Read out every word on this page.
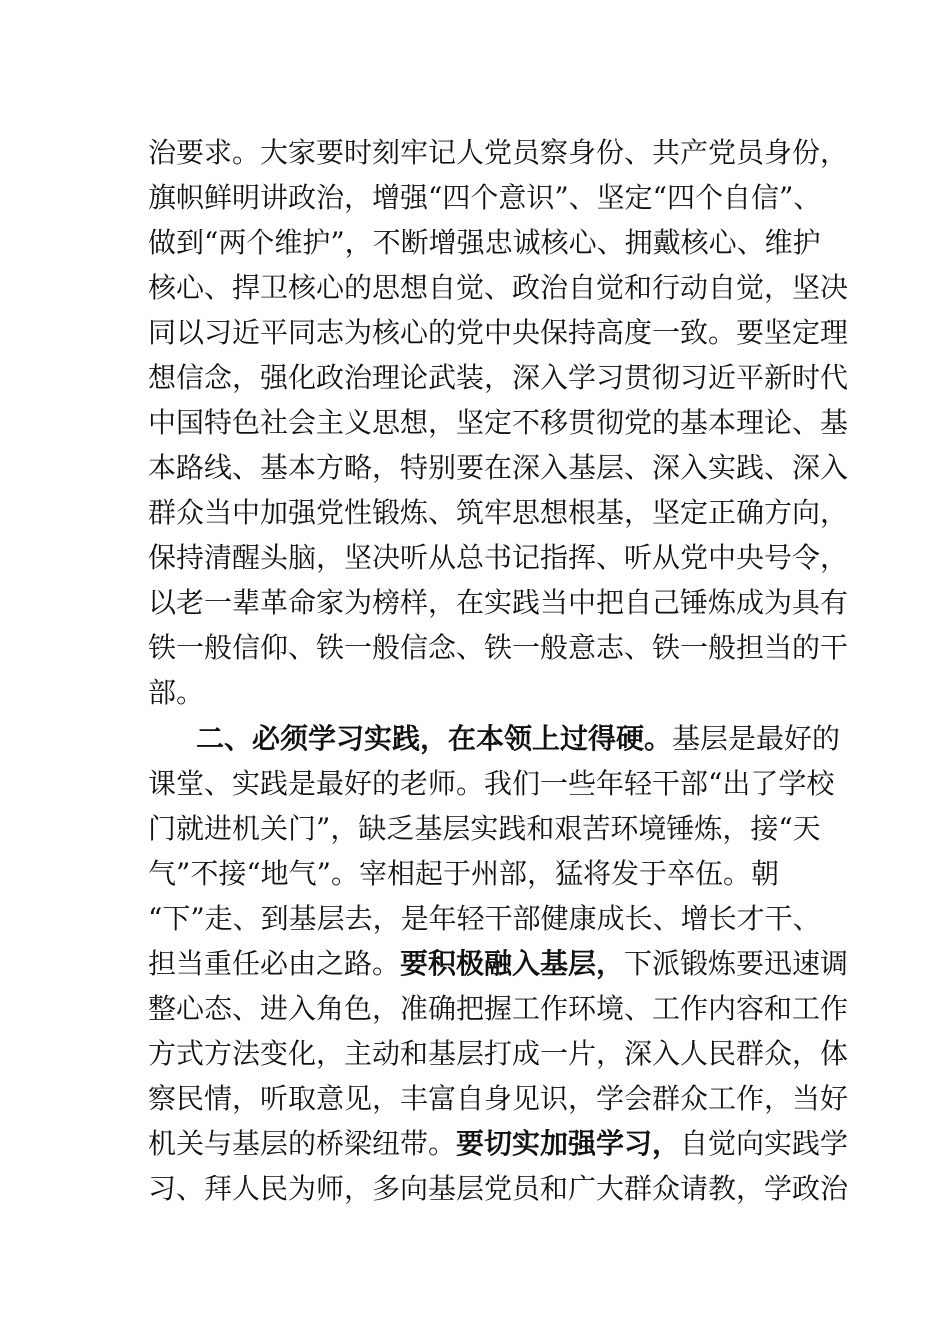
治要求。大家要时刻牢记人党员察身份、共产党员身份，
旗帜鲜明讲政治，增强“四个意识”、坚定“四个自信”、
做到“两个维护”，不断增强忠诚核心、拥戴核心、维护
核心、捍卫核心的思想自觉、政治自觉和行动自觉，坚决
同以习近平同志为核心的党中央保持高度一致。要坚定理
想信念，强化政治理论武装，深入学习贯彻习近平新时代
中国特色社会主义思想，坚定不移贯彻党的基本理论、基
本路线、基本方略，特别要在深入基层、深入实践、深入
群众当中加强党性锻炼、筑牢思想根基，坚定正确方向，
保持清醒头脑，坚决听从总书记指挥、听从党中央号令，
以老一辈革命家为榜样，在实践当中把自己锤炼成为具有
铁一般信仰、铁一般信念、铁一般意志、铁一般担当的干
部。
二、必须学习实践，在本领上过得硬。基层是最好的
课堂、实践是最好的老师。我们一些年轻干部“出了学校
门就进机关门”，缺乏基层实践和艰苦环境锤炼，接“天
气”不接“地气”。宰相起于州部，猛将发于卒伍。朝
“下”走、到基层去，是年轻干部健康成长、增长才干、
担当重任必由之路。要积极融入基层，下派锻炼要迅速调
整心态、进入角色，准确把握工作环境、工作内容和工作
方式方法变化，主动和基层打成一片，深入人民群众，体
察民情，听取意见，丰富自身见识，学会群众工作，当好
机关与基层的桥梁纽带。要切实加强学习，自觉向实践学
习、拜人民为师，多向基层党员和广大群众请教，学政治
